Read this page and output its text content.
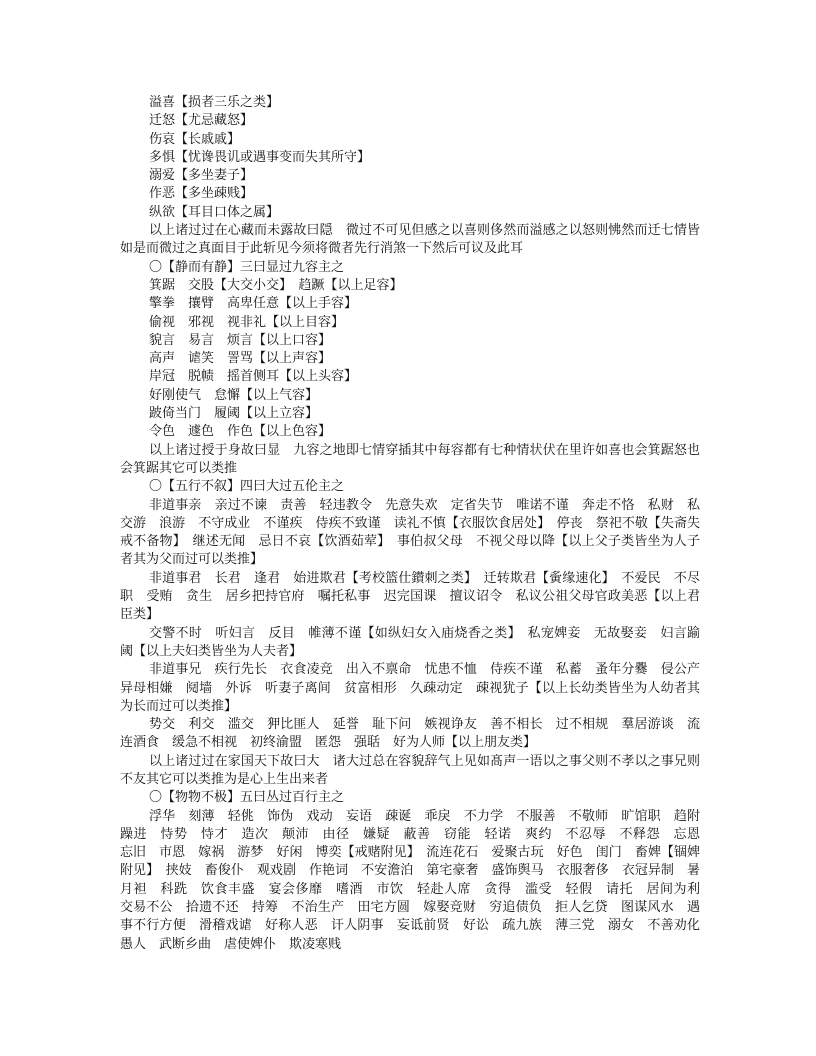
溢喜【损者三乐之类】

迁怒【尤忌藏怒】

伤哀【长戚戚】

多惧【忧谗畏讥或遇事变而失其所守】

溺爱【多坐妻子】

作恶【多坐疎贱】

纵欲【耳目口体之属】

以上诸过过在心藏而未露故曰隠　微过不可见但感之以喜则侈然而溢感之以怒则怫然而迁七情皆如是而微过之真面目于此斩见今须将微者先行消煞一下然后可议及此耳

〇【静而有静】三曰显过九容主之

箕踞　交股【大交小交】　趋蹶【以上足容】

擎拳　攘臂　高卑任意【以上手容】

偷视　邪视　视非礼【以上目容】

貌言　易言　烦言【以上口容】

高声　谑笑　詈骂【以上声容】

岸冠　脱帻　摇首侧耳【以上头容】

好刚使气　怠懈【以上气容】

跛倚当门　履阈【以上立容】

令色　遽色　作色【以上色容】

以上诸过授于身故曰显　九容之地即七情穿插其中每容都有七种情状伏在里许如喜也会箕踞怒也会箕踞其它可以类推

〇【五行不叙】四曰大过五伦主之

非道事亲　亲过不谏　责善　轻违教令　先意失欢　定省失节　唯诺不谨　奔走不恪　私财　私交游　浪游　不守成业　不谨疾　侍疾不致谨　读礼不慎【衣服饮食居处】　停丧　祭祀不敬【失斋失戒不备物】　继述无闻　忌日不哀【饮酒茹荤】　事伯叔父母　不视父母以降【以上父子类皆坐为人子者其为父而过可以类推】

非道事君　长君　逢君　始进欺君【考校篮仕鑚刺之类】　迁转欺君【夤缘速化】　不爱民　不尽职　受贿　贪生　居乡把持官府　嘱托私事　迟完国课　擅议诏令　私议公祖父母官政美恶【以上君臣类】

交警不时　听妇言　反目　帷薄不谨【如纵妇女入庙烧香之类】　私宠婢妾　无故娶妾　妇言踰阈【以上夫妇类皆坐为人夫者】

非道事兄　疾行先长　衣食凌竞　出入不禀命　忧患不恤　侍疾不谨　私蓄　蚤年分爨　侵公产　异母相嫌　阋墙　外诉　听妻子离间　贫富相形　久疎动定　疎视犹子【以上长幼类皆坐为人幼者其为长而过可以类推】

势交　利交　滥交　狎比匪人　延誉　耻下问　嫉视诤友　善不相长　过不相规　羣居游谈　流连酒食　缓急不相视　初终渝盟　匿怨　强聒　好为人师【以上朋友类】

以上诸过过在家国天下故曰大　诸大过总在容貌辞气上见如髙声一语以之事父则不孝以之事兄则不友其它可以类推为是心上生出来者

〇【物物不极】五曰丛过百行主之

浮华　刻薄　轻佻　饰伪　戏动　妄语　疎诞　乖戾　不力学　不服善　不敬师　旷馆职　趋附　躁进　恃势　恃才　造次　颠沛　由径　嫌疑　蔽善　窃能　轻诺　爽约　不忍辱　不释怨　忘恩　忘旧　市恩　嫁祸　游梦　好闲　博奕【戒赌附见】　流连花石　爱聚古玩　好色　闺门　畜婢【锢婢附见】　挟妓　畜俊仆　观戏剧　作艳词　不安澹泊　第宅豪奢　盛饰舆马　衣服奢侈　衣冠异制　暑月袒　科跣　饮食丰盛　宴会侈靡　嗜酒　市饮　轻赴人席　贪得　滥受　轻假　请托　居间为利　交易不公　拾遗不还　持筹　不治生产　田宅方圆　嫁娶竞财　穷追债负　拒人乞贷　图谋风水　遇事不行方便　滑稽戏谑　好称人恶　讦人阴事　妄诋前贤　好讼　疏九族　薄三党　溺女　不善劝化愚人　武断乡曲　虐使婢仆　欺凌寒贱
